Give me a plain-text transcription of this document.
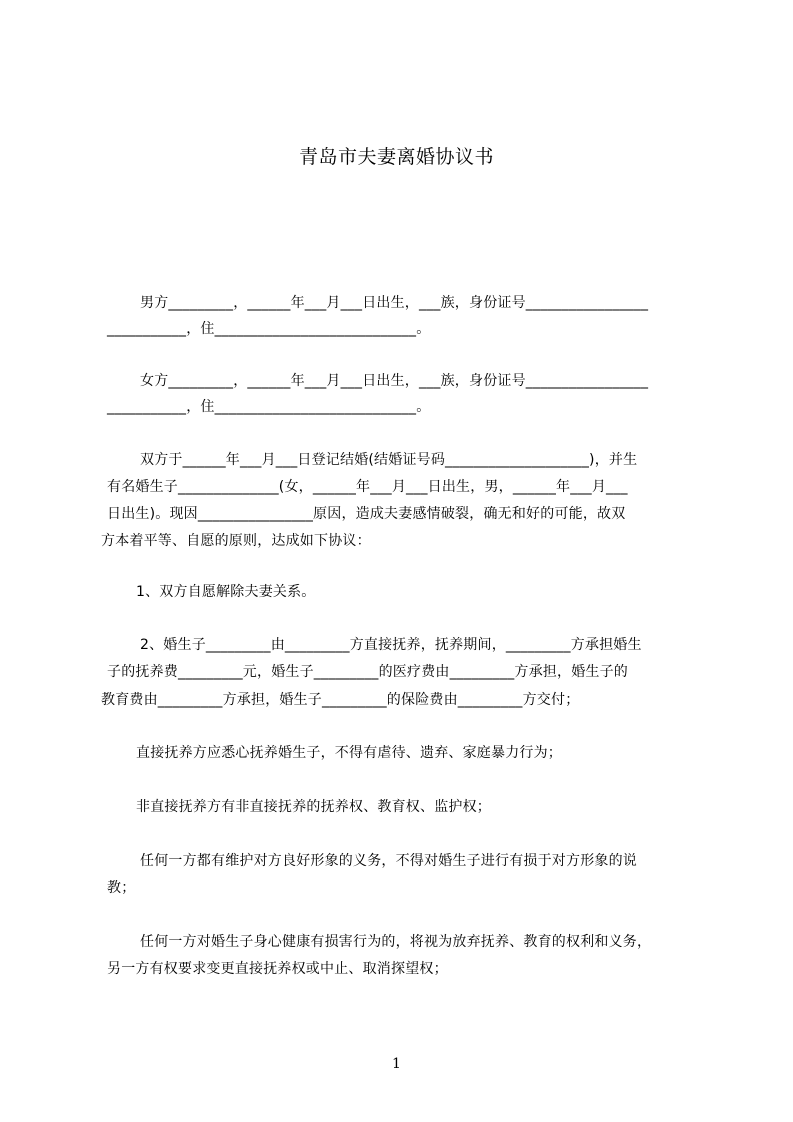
青岛市夫妻离婚协议书
男方_________，______年___月___日出生，___族，身份证号_________________
___________，住____________________________。
女方_________，______年___月___日出生，___族，身份证号_________________
___________，住____________________________。
双方于______年___月___日登记结婚(结婚证号码____________________)，并生
有名婚生子______________(女，______年___月___日出生，男，______年___月___
日出生)。现因________________原因，造成夫妻感情破裂，确无和好的可能，故双
方本着平等、自愿的原则，达成如下协议：
1、双方自愿解除夫妻关系。
2、婚生子_________由_________方直接抚养，抚养期间，_________方承担婚生
子的抚养费_________元，婚生子_________的医疗费由_________方承担，婚生子的
教育费由_________方承担，婚生子_________的保险费由_________方交付；
直接抚养方应悉心抚养婚生子，不得有虐待、遗弃、家庭暴力行为；
非直接抚养方有非直接抚养的抚养权、教育权、监护权；
任何一方都有维护对方良好形象的义务，不得对婚生子进行有损于对方形象的说
教；
任何一方对婚生子身心健康有损害行为的，将视为放弃抚养、教育的权利和义务，
另一方有权要求变更直接抚养权或中止、取消探望权；
1
